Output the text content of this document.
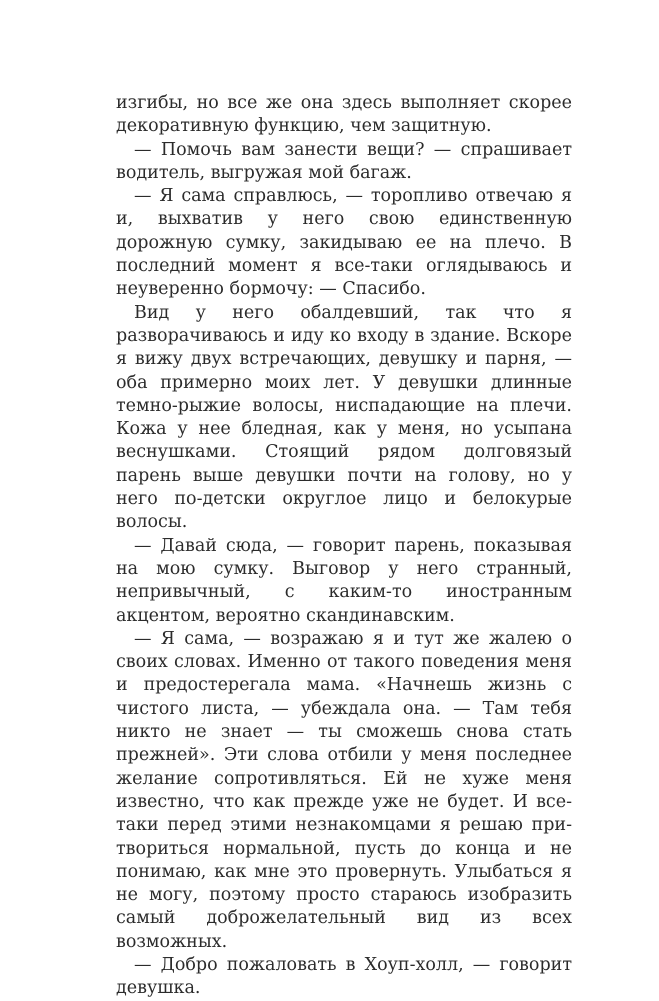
изгибы, но все же она здесь выполняет скорее декоративную функцию, чем защитную.

— Помочь вам занести вещи? — спрашивает водитель, выгружая мой багаж.

— Я сама справлюсь, — торопливо отвечаю я и, выхватив у него свою единственную дорожную сумку, закидываю ее на плечо. В последний момент я все-таки оглядываюсь и неуверенно бормочу: — Спасибо.

Вид у него обалдевший, так что я разворачиваюсь и иду ко входу в здание. Вскоре я вижу двух встречающих, девушку и парня, — оба примерно моих лет. У девушки длинные темно-рыжие волосы, ниспадающие на плечи. Кожа у нее бледная, как у меня, но усыпана веснушками. Стоящий рядом долговязый парень выше девушки почти на голову, но у него по-детски округлое лицо и белокурые волосы.

— Давай сюда, — говорит парень, показывая на мою сумку. Выговор у него странный, непривычный, с каким-то иностранным акцентом, вероятно скандинавским.

— Я сама, — возражаю я и тут же жалею о своих словах. Именно от такого поведения меня и предостерегала мама. «Начнешь жизнь с чистого листа, — убеждала она. — Там тебя никто не знает — ты сможешь снова стать прежней». Эти слова отбили у меня последнее желание сопротивляться. Ей не хуже меня известно, что как прежде уже не будет. И все-таки перед этими незнакомцами я решаю притвориться нормальной, пусть до конца и не понимаю, как мне это провернуть. Улыбаться я не могу, поэтому просто стараюсь изобразить самый доброжелательный вид из всех возможных.

— Добро пожаловать в Хоуп-холл, — говорит девушка.
